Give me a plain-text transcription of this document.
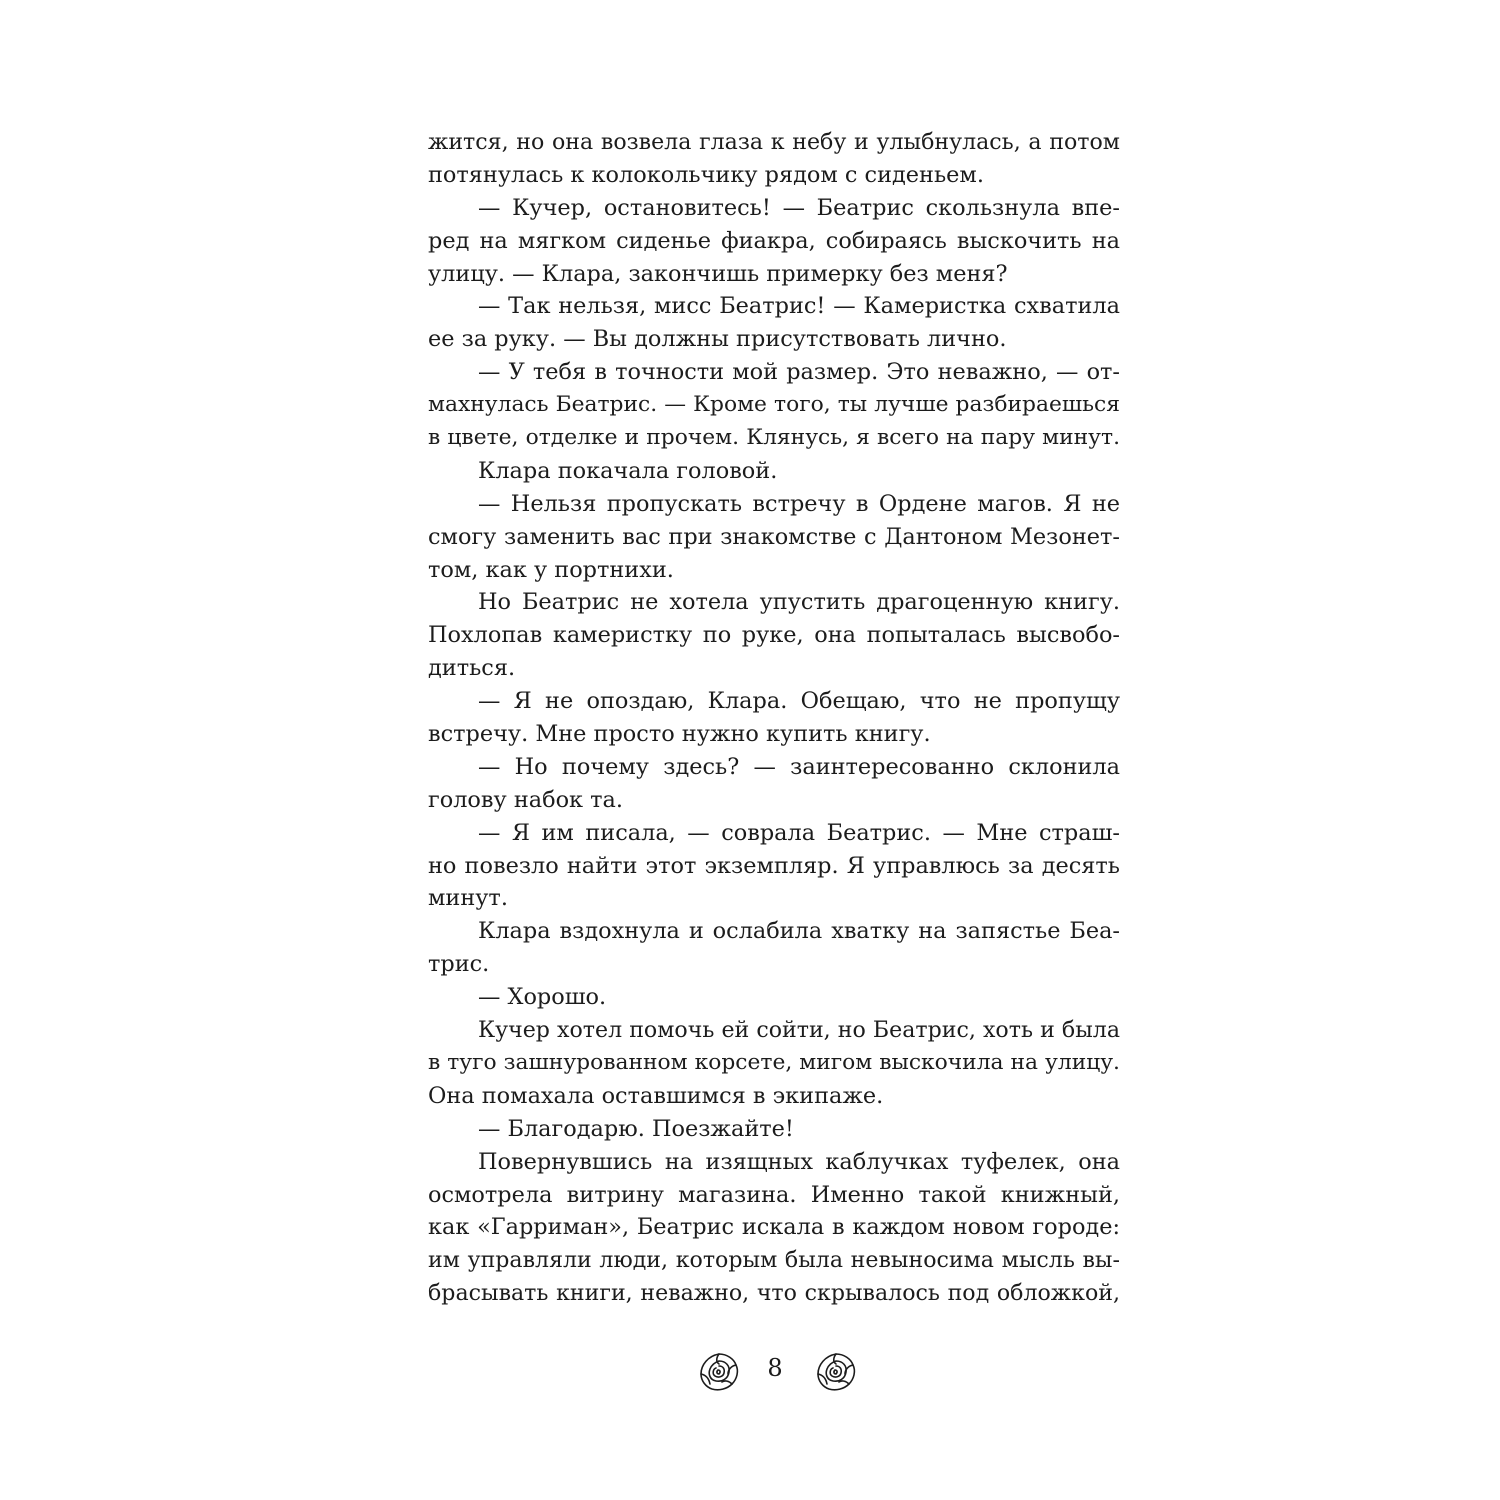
жится, но она возвела глаза к небу и улыбнулась, а потом
потянулась к колокольчику рядом с сиденьем.
— Кучер, остановитесь! — Беатрис скользнула впе-
ред на мягком сиденье фиакра, собираясь выскочить на
улицу. — Клара, закончишь примерку без меня?
— Так нельзя, мисс Беатрис! — Камеристка схватила
ее за руку. — Вы должны присутствовать лично.
— У тебя в точности мой размер. Это неважно, — от-
махнулась Беатрис. — Кроме того, ты лучше разбираешься
в цвете, отделке и прочем. Клянусь, я всего на пару минут.
Клара покачала головой.
— Нельзя пропускать встречу в Ордене магов. Я не
смогу заменить вас при знакомстве с Дантоном Мезонет-
том, как у портнихи.
Но Беатрис не хотела упустить драгоценную книгу.
Похлопав камеристку по руке, она попыталась высвобо-
диться.
— Я не опоздаю, Клара. Обещаю, что не пропущу
встречу. Мне просто нужно купить книгу.
— Но почему здесь? — заинтересованно склонила
голову набок та.
— Я им писала, — соврала Беатрис. — Мне страш-
но повезло найти этот экземпляр. Я управлюсь за десять
минут.
Клара вздохнула и ослабила хватку на запястье Беа-
трис.
— Хорошо.
Кучер хотел помочь ей сойти, но Беатрис, хоть и была
в туго зашнурованном корсете, мигом выскочила на улицу.
Она помахала оставшимся в экипаже.
— Благодарю. Поезжайте!
Повернувшись на изящных каблучках туфелек, она
осмотрела витрину магазина. Именно такой книжный,
как «Гарриман», Беатрис искала в каждом новом городе:
им управляли люди, которым была невыносима мысль вы-
брасывать книги, неважно, что скрывалось под обложкой,
8
